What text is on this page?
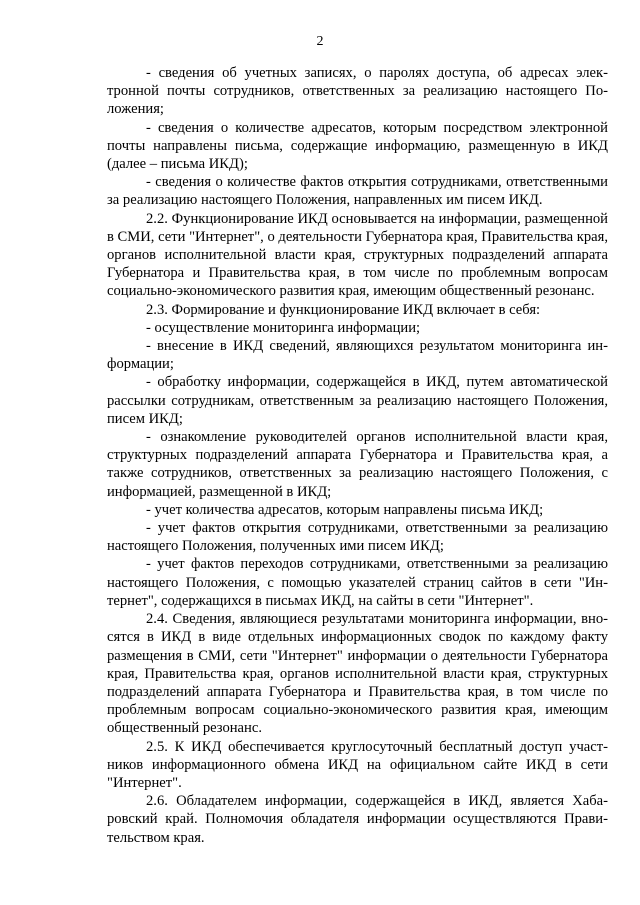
2

- сведения об учетных записях, о паролях доступа, об адресах электронной почты сотрудников, ответственных за реализацию настоящего Положения;

- сведения о количестве адресатов, которым посредством электронной почты направлены письма, содержащие информацию, размещенную в ИКД (далее – письма ИКД);

- сведения о количестве фактов открытия сотрудниками, ответственными за реализацию настоящего Положения, направленных им писем ИКД.

2.2. Функционирование ИКД основывается на информации, размещенной в СМИ, сети "Интернет", о деятельности Губернатора края, Правительства края, органов исполнительной власти края, структурных подразделений аппарата Губернатора и Правительства края, в том числе по проблемным вопросам социально-экономического развития края, имеющим общественный резонанс.

2.3. Формирование и функционирование ИКД включает в себя:

- осуществление мониторинга информации;

- внесение в ИКД сведений, являющихся результатом мониторинга информации;

- обработку информации, содержащейся в ИКД, путем автоматической рассылки сотрудникам, ответственным за реализацию настоящего Положения, писем ИКД;

- ознакомление руководителей органов исполнительной власти края, структурных подразделений аппарата Губернатора и Правительства края, а также сотрудников, ответственных за реализацию настоящего Положения, с информацией, размещенной в ИКД;

- учет количества адресатов, которым направлены письма ИКД;

- учет фактов открытия сотрудниками, ответственными за реализацию настоящего Положения, полученных ими писем ИКД;

- учет фактов переходов сотрудниками, ответственными за реализацию настоящего Положения, с помощью указателей страниц сайтов в сети "Интернет", содержащихся в письмах ИКД, на сайты в сети "Интернет".

2.4. Сведения, являющиеся результатами мониторинга информации, вносятся в ИКД в виде отдельных информационных сводок по каждому факту размещения в СМИ, сети "Интернет" информации о деятельности Губернатора края, Правительства края, органов исполнительной власти края, структурных подразделений аппарата Губернатора и Правительства края, в том числе по проблемным вопросам социально-экономического развития края, имеющим общественный резонанс.

2.5. К ИКД обеспечивается круглосуточный бесплатный доступ участников информационного обмена ИКД на официальном сайте ИКД в сети "Интернет".

2.6. Обладателем информации, содержащейся в ИКД, является Хабаровский край. Полномочия обладателя информации осуществляются Правительством края.
